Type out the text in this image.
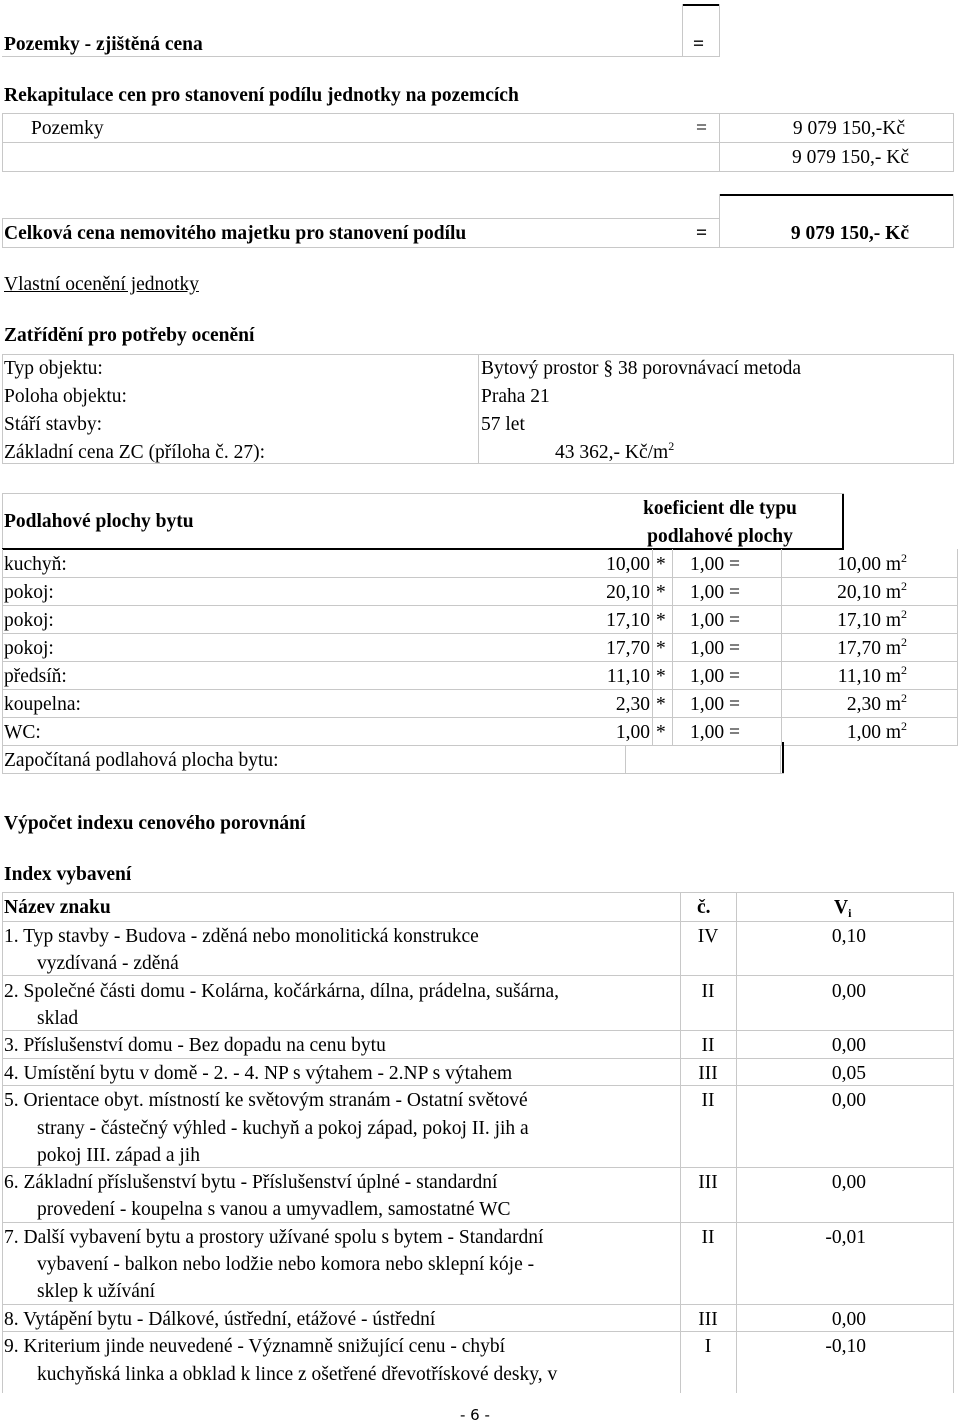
Pozemky - zjištěná cena	=
Rekapitulace cen pro stanovení podílu jednotky na pozemcích
Pozemky	=	9 079 150,-Kč
9 079 150,- Kč
Celková cena nemovitého majetku pro stanovení podílu	=	9 079 150,- Kč
Vlastní ocenění jednotky
Zatřídění pro potřeby ocenění
Typ objektu:	Bytový prostor § 38 porovnávací metoda
Poloha objektu:	Praha 21
Stáří stavby:	57 let
Základní cena ZC (příloha č. 27):	43 362,- $Kč/m^2$
Podlahové plochy bytu
koeficient dle typu
podlahové plochy
kuchyň:	10,00 * 1,00 =	10,00 $m^2$
pokoj:	20,10 * 1,00 =	20,10 $m^2$
pokoj:	17,10 * 1,00 =	17,10 $m^2$
pokoj:	17,70 * 1,00 =	17,70 $m^2$
předsíň:	11,10 * 1,00 =	11,10 $m^2$
koupelna:	2,30 * 1,00 =	2,30 $m^2$
WC:	1,00 * 1,00 =	1,00 $m^2$
Započítaná podlahová plocha bytu:
Výpočet indexu cenového porovnání
Index vybavení
Název znaku	č.	$V_i$
1. Typ stavby - Budova - zděná nebo monolitická konstrukce
vyzdívaná - zděná
IV	0,10
2. Společné části domu - Kolárna, kočárkárna, dílna, prádelna, sušárna,
sklad
II	0,00
3. Příslušenství domu - Bez dopadu na cenu bytu	II	0,00
4. Umístění bytu v domě - 2. - 4. NP s výtahem - 2.NP s výtahem	III	0,05
5. Orientace obyt. místností ke světovým stranám - Ostatní světové
strany - částečný výhled - kuchyň a pokoj západ, pokoj II. jih a
pokoj III. západ a jih
II	0,00
6. Základní příslušenství bytu - Příslušenství úplné - standardní
provedení - koupelna s vanou a umyvadlem, samostatné WC
III	0,00
7. Další vybavení bytu a prostory užívané spolu s bytem - Standardní
vybavení - balkon nebo lodžie nebo komora nebo sklepní kóje -
sklep k užívání
II	-0,01
8. Vytápění bytu - Dálkové, ústřední, etážové - ústřední	III	0,00
9. Kriterium jinde neuvedené - Významně snižující cenu - chybí
kuchyňská linka a obklad k lince z ošetřené dřevotřískové desky, v
I	-0,10
- 6 -
